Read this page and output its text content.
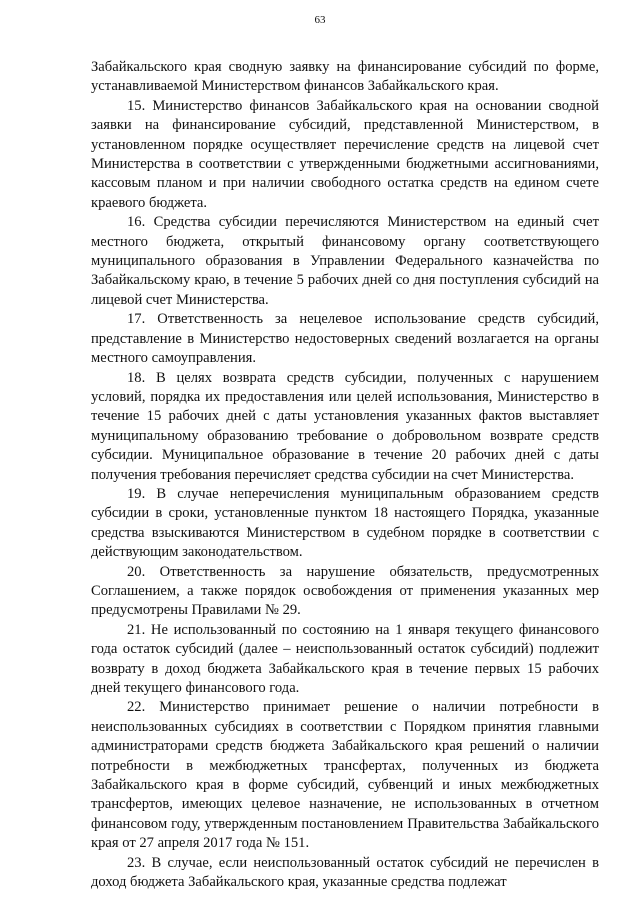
63

Забайкальского края сводную заявку на финансирование субсидий по форме, устанавливаемой Министерством финансов Забайкальского края.

15. Министерство финансов Забайкальского края на основании сводной заявки на финансирование субсидий, представленной Министерством, в установленном порядке осуществляет перечисление средств на лицевой счет Министерства в соответствии с утвержденными бюджетными ассигнованиями, кассовым планом и при наличии свободного остатка средств на едином счете краевого бюджета.

16. Средства субсидии перечисляются Министерством на единый счет местного бюджета, открытый финансовому органу соответствующего муниципального образования в Управлении Федерального казначейства по Забайкальскому краю, в течение 5 рабочих дней со дня поступления субсидий на лицевой счет Министерства.

17. Ответственность за нецелевое использование средств субсидий, представление в Министерство недостоверных сведений возлагается на органы местного самоуправления.

18. В целях возврата средств субсидии, полученных с нарушением условий, порядка их предоставления или целей использования, Министерство в течение 15 рабочих дней с даты установления указанных фактов выставляет муниципальному образованию требование о добровольном возврате средств субсидии. Муниципальное образование в течение 20 рабочих дней с даты получения требования перечисляет средства субсидии на счет Министерства.

19. В случае неперечисления муниципальным образованием средств субсидии в сроки, установленные пунктом 18 настоящего Порядка, указанные средства взыскиваются Министерством в судебном порядке в соответствии с действующим законодательством.

20. Ответственность за нарушение обязательств, предусмотренных Соглашением, а также порядок освобождения от применения указанных мер предусмотрены Правилами № 29.

21. Не использованный по состоянию на 1 января текущего финансового года остаток субсидий (далее – неиспользованный остаток субсидий) подлежит возврату в доход бюджета Забайкальского края в течение первых 15 рабочих дней текущего финансового года.

22. Министерство принимает решение о наличии потребности в неиспользованных субсидиях в соответствии с Порядком принятия главными администраторами средств бюджета Забайкальского края решений о наличии потребности в межбюджетных трансфертах, полученных из бюджета Забайкальского края в форме субсидий, субвенций и иных межбюджетных трансфертов, имеющих целевое назначение, не использованных в отчетном финансовом году, утвержденным постановлением Правительства Забайкальского края от 27 апреля 2017 года № 151.

23. В случае, если неиспользованный остаток субсидий не перечислен в доход бюджета Забайкальского края, указанные средства подлежат
